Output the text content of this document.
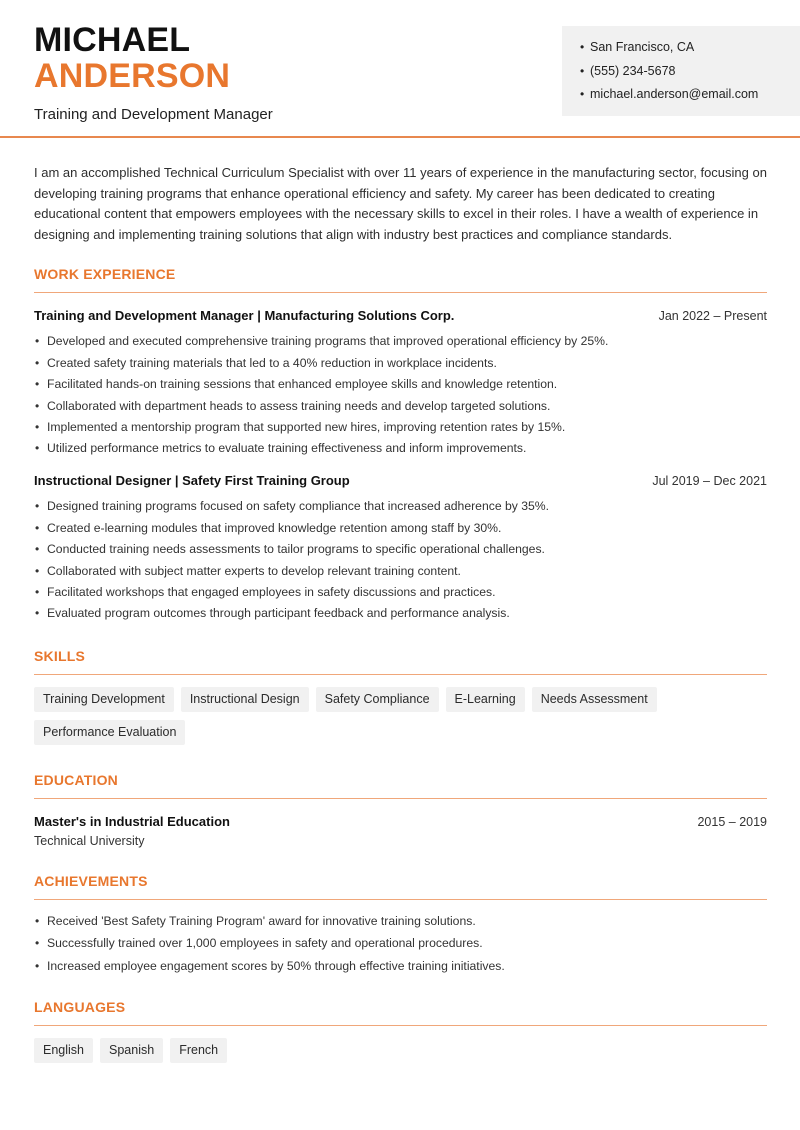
MICHAEL
ANDERSON
Training and Development Manager
• San Francisco, CA
• (555) 234-5678
• michael.anderson@email.com

I am an accomplished Technical Curriculum Specialist with over 11 years of experience in the manufacturing sector, focusing on developing training programs that enhance operational efficiency and safety. My career has been dedicated to creating educational content that empowers employees with the necessary skills to excel in their roles. I have a wealth of experience in designing and implementing training solutions that align with industry best practices and compliance standards.

WORK EXPERIENCE
Training and Development Manager | Manufacturing Solutions Corp.	Jan 2022 – Present
• Developed and executed comprehensive training programs that improved operational efficiency by 25%.
• Created safety training materials that led to a 40% reduction in workplace incidents.
• Facilitated hands-on training sessions that enhanced employee skills and knowledge retention.
• Collaborated with department heads to assess training needs and develop targeted solutions.
• Implemented a mentorship program that supported new hires, improving retention rates by 15%.
• Utilized performance metrics to evaluate training effectiveness and inform improvements.
Instructional Designer | Safety First Training Group	Jul 2019 – Dec 2021
• Designed training programs focused on safety compliance that increased adherence by 35%.
• Created e-learning modules that improved knowledge retention among staff by 30%.
• Conducted training needs assessments to tailor programs to specific operational challenges.
• Collaborated with subject matter experts to develop relevant training content.
• Facilitated workshops that engaged employees in safety discussions and practices.
• Evaluated program outcomes through participant feedback and performance analysis.
SKILLS
Training Development	Instructional Design	Safety Compliance	E-Learning	Needs Assessment
Performance Evaluation
EDUCATION
Master's in Industrial Education	2015 – 2019
Technical University
ACHIEVEMENTS
• Received 'Best Safety Training Program' award for innovative training solutions.
• Successfully trained over 1,000 employees in safety and operational procedures.
• Increased employee engagement scores by 50% through effective training initiatives.
LANGUAGES
English	Spanish	French
